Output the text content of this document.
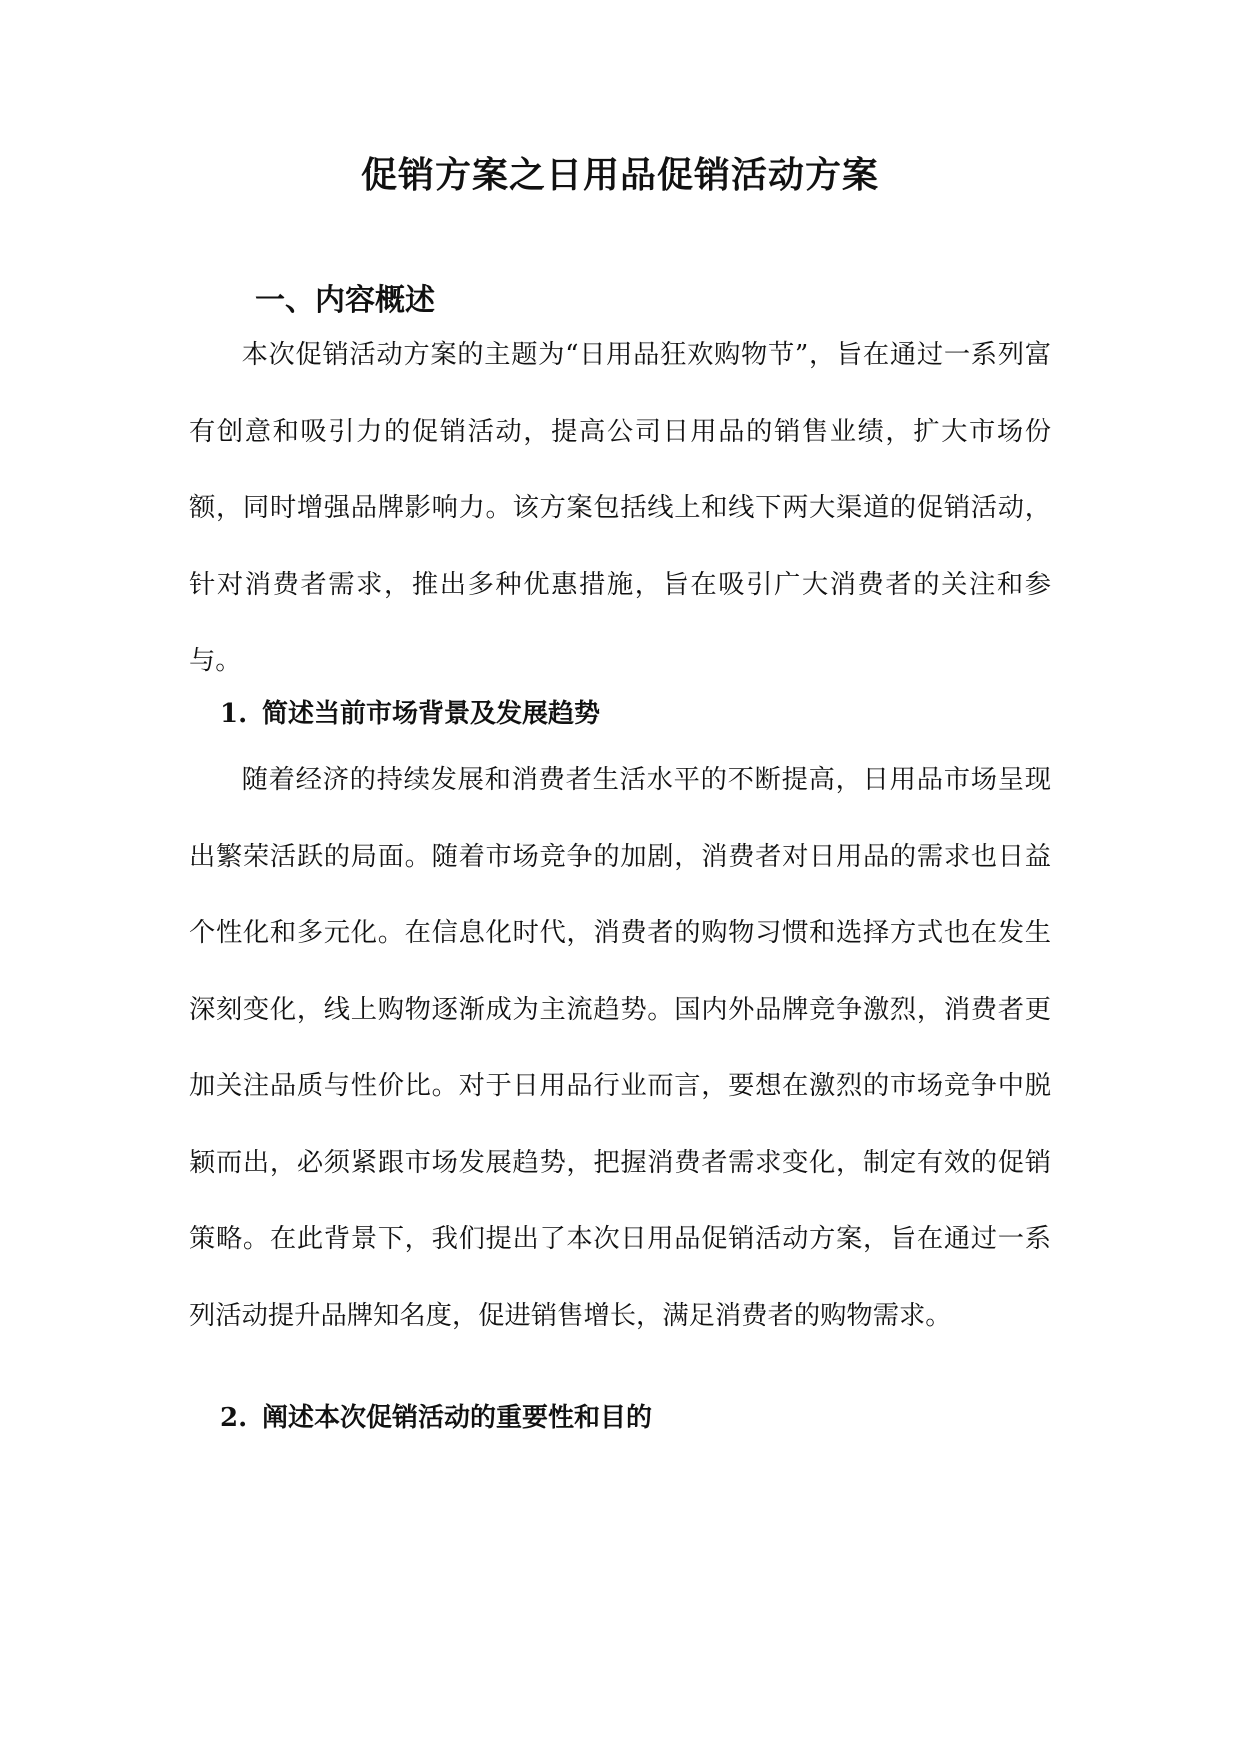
促销方案之日用品促销活动方案
一、内容概述

本次促销活动方案的主题为“日用品狂欢购物节”，旨在通过一系列富有创意和吸引力的促销活动，提高公司日用品的销售业绩，扩大市场份额，同时增强品牌影响力。该方案包括线上和线下两大渠道的促销活动，针对消费者需求，推出多种优惠措施，旨在吸引广大消费者的关注和参与。

1. 简述当前市场背景及发展趋势

随着经济的持续发展和消费者生活水平的不断提高，日用品市场呈现出繁荣活跃的局面。随着市场竞争的加剧，消费者对日用品的需求也日益个性化和多元化。在信息化时代，消费者的购物习惯和选择方式也在发生深刻变化，线上购物逐渐成为主流趋势。国内外品牌竞争激烈，消费者更加关注品质与性价比。对于日用品行业而言，要想在激烈的市场竞争中脱颖而出，必须紧跟市场发展趋势，把握消费者需求变化，制定有效的促销策略。在此背景下，我们提出了本次日用品促销活动方案，旨在通过一系列活动提升品牌知名度，促进销售增长，满足消费者的购物需求。

2. 阐述本次促销活动的重要性和目的
